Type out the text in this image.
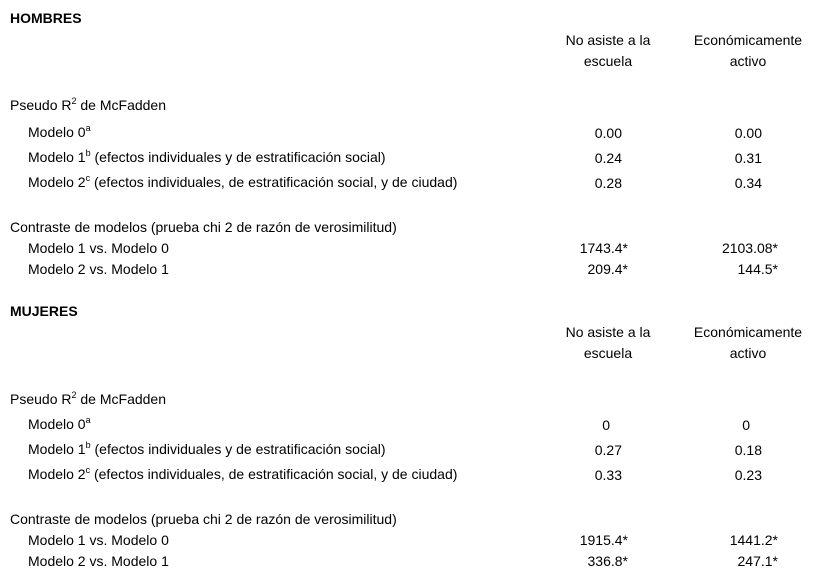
HOMBRES
No asiste a la
escuela
Económicamente
activo
Pseudo $R^2$ de McFadden
Modelo 0$^a$	0.00	0.00
Modelo 1$^b$ (efectos individuales y de estratificación social)	0.24	0.31
Modelo 2$^c$ (efectos individuales, de estratificación social, y de ciudad)	0.28	0.34
Contraste de modelos (prueba chi 2 de razón de verosimilitud)
Modelo 1 vs. Modelo 0	1743.4*	2103.08*
Modelo 2 vs. Modelo 1	209.4*	144.5*
MUJERES
No asiste a la
escuela
Económicamente
activo
Pseudo $R^2$ de McFadden
Modelo 0$^a$	0	0
Modelo 1$^b$ (efectos individuales y de estratificación social)	0.27	0.18
Modelo 2$^c$ (efectos individuales, de estratificación social, y de ciudad)	0.33	0.23
Contraste de modelos (prueba chi 2 de razón de verosimilitud)
Modelo 1 vs. Modelo 0	1915.4*	1441.2*
Modelo 2 vs. Modelo 1	336.8*	247.1*
